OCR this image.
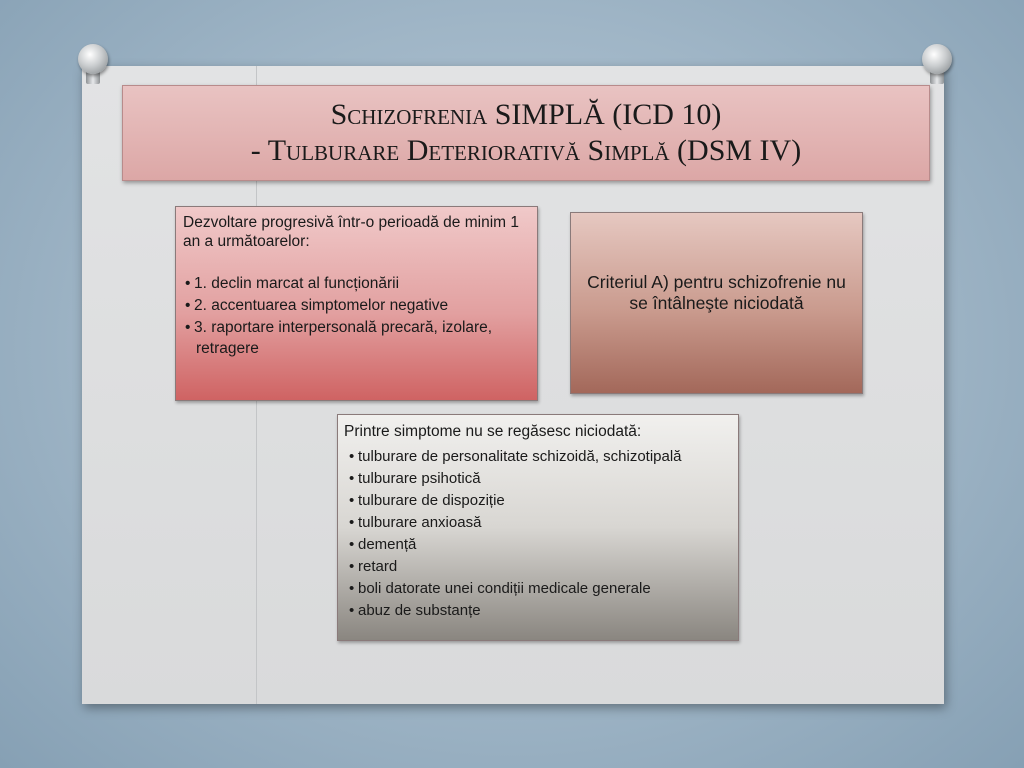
Schizofrenia SIMPLĂ (ICD 10)
- Tulburare Deteriorativă Simplă (DSM IV)
Dezvoltare progresivă într-o perioadă de minim 1 an a următoarelor:
• 1. declin marcat al funcționării
• 2. accentuarea simptomelor negative
• 3. raportare interpersonală precară, izolare, retragere
Criteriul A) pentru schizofrenie nu se întâlneşte niciodată
Printre simptome nu se regăsesc niciodată:
• tulburare de personalitate schizoidă, schizotipală
• tulburare psihotică
• tulburare de dispoziție
• tulburare anxioasă
• demență
• retard
• boli datorate unei condiții medicale generale
• abuz de substanțe
